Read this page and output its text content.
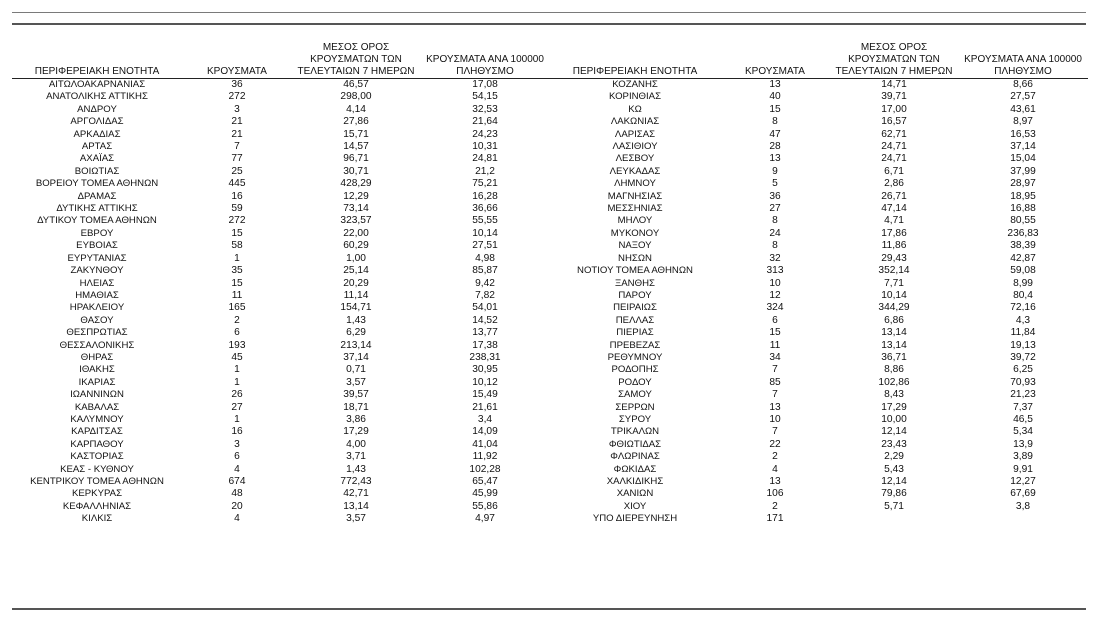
ΠΕΡΙΦΕΡΕΙΑΚΗ ΕΝΟΤΗΤΑ	ΚΡΟΥΣΜΑΤΑ	ΜΕΣΟΣ ΟΡΟΣ
ΚΡΟΥΣΜΑΤΩΝ ΤΩΝ
ΤΕΛΕΥΤΑΙΩΝ 7 ΗΜΕΡΩΝ	ΚΡΟΥΣΜΑΤΑ ΑΝΑ 100000
ΠΛΗΘΥΣΜΟ
ΑΙΤΩΛΟΑΚΑΡΝΑΝΙΑΣ	36	46,57	17,08
ΑΝΑΤΟΛΙΚΗΣ ΑΤΤΙΚΗΣ	272	298,00	54,15
ΑΝΔΡΟΥ	3	4,14	32,53
ΑΡΓΟΛΙΔΑΣ	21	27,86	21,64
ΑΡΚΑΔΙΑΣ	21	15,71	24,23
ΑΡΤΑΣ	7	14,57	10,31
ΑΧΑΪΑΣ	77	96,71	24,81
ΒΟΙΩΤΙΑΣ	25	30,71	21,2
ΒΟΡΕΙΟΥ ΤΟΜΕΑ ΑΘΗΝΩΝ	445	428,29	75,21
ΔΡΑΜΑΣ	16	12,29	16,28
ΔΥΤΙΚΗΣ ΑΤΤΙΚΗΣ	59	73,14	36,66
ΔΥΤΙΚΟΥ ΤΟΜΕΑ ΑΘΗΝΩΝ	272	323,57	55,55
ΕΒΡΟΥ	15	22,00	10,14
ΕΥΒΟΙΑΣ	58	60,29	27,51
ΕΥΡΥΤΑΝΙΑΣ	1	1,00	4,98
ΖΑΚΥΝΘΟΥ	35	25,14	85,87
ΗΛΕΙΑΣ	15	20,29	9,42
ΗΜΑΘΙΑΣ	11	11,14	7,82
ΗΡΑΚΛΕΙΟΥ	165	154,71	54,01
ΘΑΣΟΥ	2	1,43	14,52
ΘΕΣΠΡΩΤΙΑΣ	6	6,29	13,77
ΘΕΣΣΑΛΟΝΙΚΗΣ	193	213,14	17,38
ΘΗΡΑΣ	45	37,14	238,31
ΙΘΑΚΗΣ	1	0,71	30,95
ΙΚΑΡΙΑΣ	1	3,57	10,12
ΙΩΑΝΝΙΝΩΝ	26	39,57	15,49
ΚΑΒΑΛΑΣ	27	18,71	21,61
ΚΑΛΥΜΝΟΥ	1	3,86	3,4
ΚΑΡΔΙΤΣΑΣ	16	17,29	14,09
ΚΑΡΠΑΘΟΥ	3	4,00	41,04
ΚΑΣΤΟΡΙΑΣ	6	3,71	11,92
ΚΕΑΣ - ΚΥΘΝΟΥ	4	1,43	102,28
ΚΕΝΤΡΙΚΟΥ ΤΟΜΕΑ ΑΘΗΝΩΝ	674	772,43	65,47
ΚΕΡΚΥΡΑΣ	48	42,71	45,99
ΚΕΦΑΛΛΗΝΙΑΣ	20	13,14	55,86
ΚΙΛΚΙΣ	4	3,57	4,97
ΠΕΡΙΦΕΡΕΙΑΚΗ ΕΝΟΤΗΤΑ	ΚΡΟΥΣΜΑΤΑ	ΜΕΣΟΣ ΟΡΟΣ
ΚΡΟΥΣΜΑΤΩΝ ΤΩΝ
ΤΕΛΕΥΤΑΙΩΝ 7 ΗΜΕΡΩΝ	ΚΡΟΥΣΜΑΤΑ ΑΝΑ 100000
ΠΛΗΘΥΣΜΟ
ΚΟΖΑΝΗΣ	13	14,71	8,66
ΚΟΡΙΝΘΙΑΣ	40	39,71	27,57
ΚΩ	15	17,00	43,61
ΛΑΚΩΝΙΑΣ	8	16,57	8,97
ΛΑΡΙΣΑΣ	47	62,71	16,53
ΛΑΣΙΘΙΟΥ	28	24,71	37,14
ΛΕΣΒΟΥ	13	24,71	15,04
ΛΕΥΚΑΔΑΣ	9	6,71	37,99
ΛΗΜΝΟΥ	5	2,86	28,97
ΜΑΓΝΗΣΙΑΣ	36	26,71	18,95
ΜΕΣΣΗΝΙΑΣ	27	47,14	16,88
ΜΗΛΟΥ	8	4,71	80,55
ΜΥΚΟΝΟΥ	24	17,86	236,83
ΝΑΞΟΥ	8	11,86	38,39
ΝΗΣΩΝ	32	29,43	42,87
ΝΟΤΙΟΥ ΤΟΜΕΑ ΑΘΗΝΩΝ	313	352,14	59,08
ΞΑΝΘΗΣ	10	7,71	8,99
ΠΑΡΟΥ	12	10,14	80,4
ΠΕΙΡΑΙΩΣ	324	344,29	72,16
ΠΕΛΛΑΣ	6	6,86	4,3
ΠΙΕΡΙΑΣ	15	13,14	11,84
ΠΡΕΒΕΖΑΣ	11	13,14	19,13
ΡΕΘΥΜΝΟΥ	34	36,71	39,72
ΡΟΔΟΠΗΣ	7	8,86	6,25
ΡΟΔΟΥ	85	102,86	70,93
ΣΑΜΟΥ	7	8,43	21,23
ΣΕΡΡΩΝ	13	17,29	7,37
ΣΥΡΟΥ	10	10,00	46,5
ΤΡΙΚΑΛΩΝ	7	12,14	5,34
ΦΘΙΩΤΙΔΑΣ	22	23,43	13,9
ΦΛΩΡΙΝΑΣ	2	2,29	3,89
ΦΩΚΙΔΑΣ	4	5,43	9,91
ΧΑΛΚΙΔΙΚΗΣ	13	12,14	12,27
ΧΑΝΙΩΝ	106	79,86	67,69
ΧΙΟΥ	2	5,71	3,8
ΥΠΟ ΔΙΕΡΕΥΝΗΣΗ	171		
